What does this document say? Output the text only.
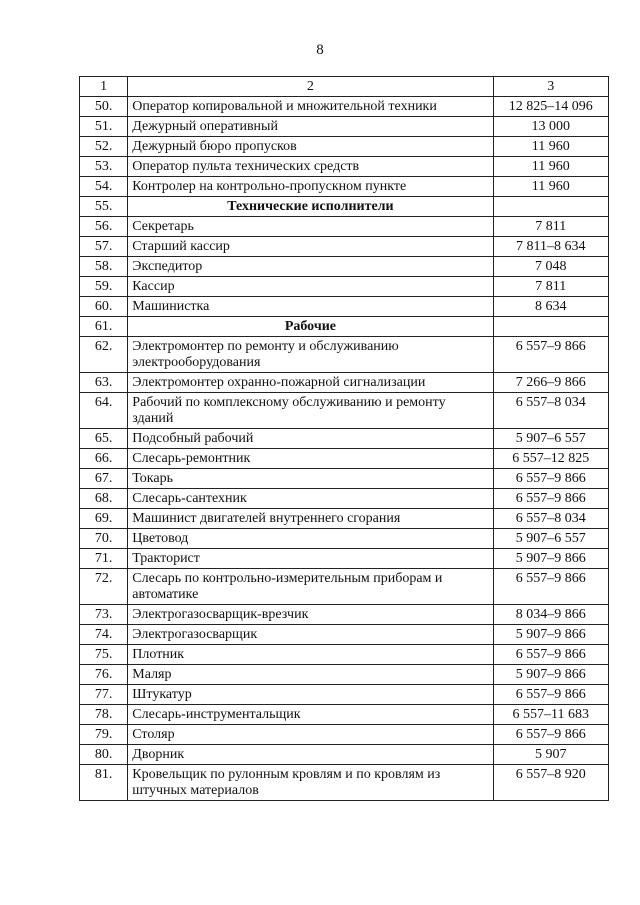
8
1	2	3
50.	Оператор копировальной и множительной техники	12 825–14 096
51.	Дежурный оперативный	13 000
52.	Дежурный бюро пропусков	11 960
53.	Оператор пульта технических средств	11 960
54.	Контролер на контрольно-пропускном пункте	11 960
55.	Технические исполнители	
56.	Секретарь	7 811
57.	Старший кассир	7 811–8 634
58.	Экспедитор	7 048
59.	Кассир	7 811
60.	Машинистка	8 634
61.	Рабочие	
62.	Электромонтер по ремонту и обслуживанию электрооборудования	6 557–9 866
63.	Электромонтер охранно-пожарной сигнализации	7 266–9 866
64.	Рабочий по комплексному обслуживанию и ремонту зданий	6 557–8 034
65.	Подсобный рабочий	5 907–6 557
66.	Слесарь-ремонтник	6 557–12 825
67.	Токарь	6 557–9 866
68.	Слесарь-сантехник	6 557–9 866
69.	Машинист двигателей внутреннего сгорания	6 557–8 034
70.	Цветовод	5 907–6 557
71.	Тракторист	5 907–9 866
72.	Слесарь по контрольно-измерительным приборам и автоматике	6 557–9 866
73.	Электрогазосварщик-врезчик	8 034–9 866
74.	Электрогазосварщик	5 907–9 866
75.	Плотник	6 557–9 866
76.	Маляр	5 907–9 866
77.	Штукатур	6 557–9 866
78.	Слесарь-инструментальщик	6 557–11 683
79.	Столяр	6 557–9 866
80.	Дворник	5 907
81.	Кровельщик по рулонным кровлям и по кровлям из штучных материалов	6 557–8 920
